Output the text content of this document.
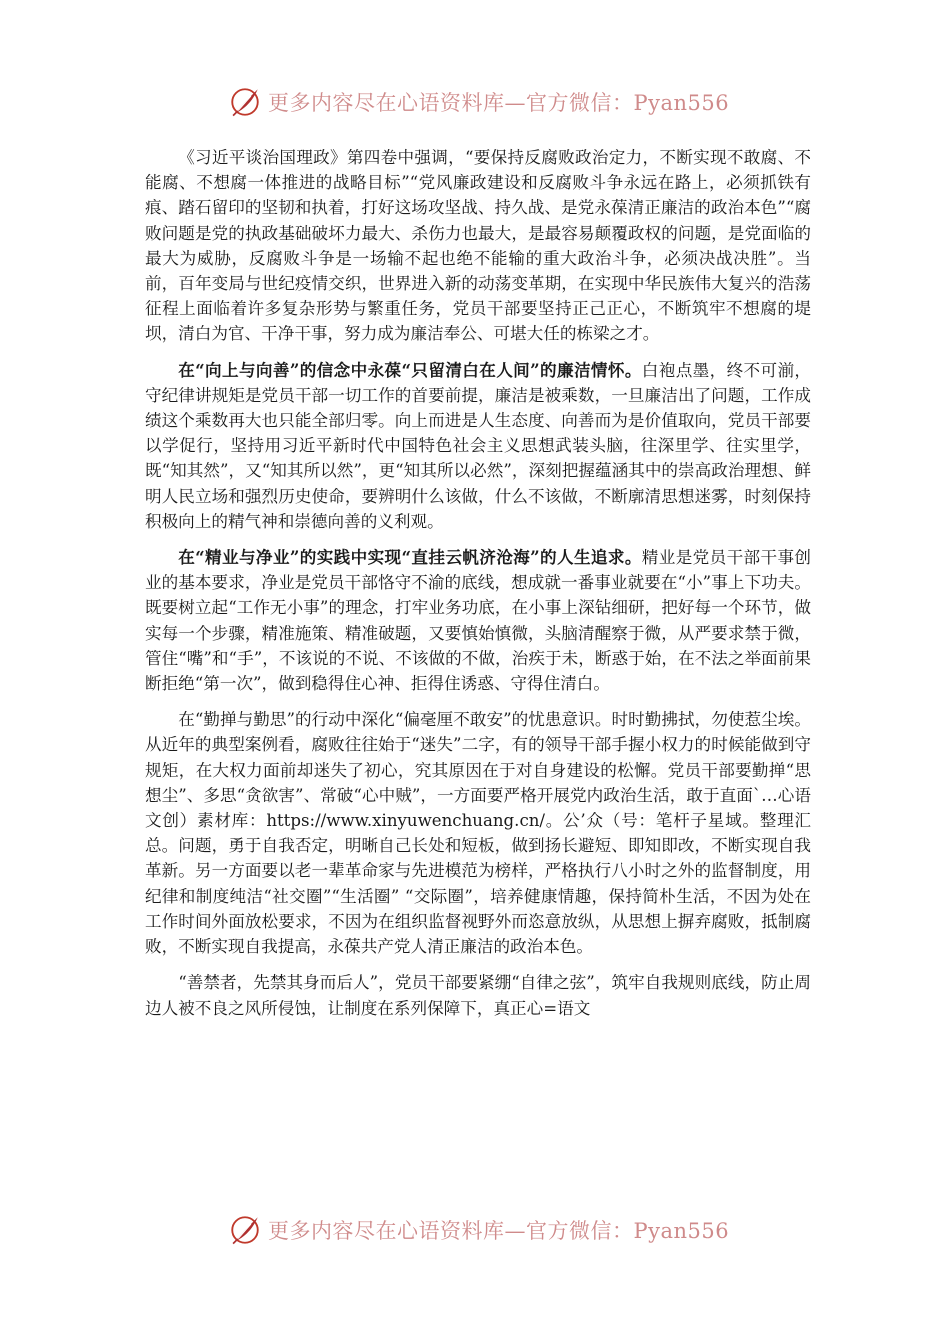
更多内容尽在心语资料库—官方微信：Pyan556

《习近平谈治国理政》第四卷中强调，“要保持反腐败政治定力，不断实现不敢腐、不能腐、不想腐一体推进的战略目标”“党风廉政建设和反腐败斗争永远在路上，必须抓铁有痕、踏石留印的坚韧和执着，打好这场攻坚战、持久战、是党永葆清正廉洁的政治本色”“腐败问题是党的执政基础破坏力最大、杀伤力也最大，是最容易颠覆政权的问题，是党面临的最大为威胁，反腐败斗争是一场输不起也绝不能输的重大政治斗争，必须决战决胜”。当前，百年变局与世纪疫情交织，世界进入新的动荡变革期，在实现中华民族伟大复兴的浩荡征程上面临着许多复杂形势与繁重任务，党员干部要坚持正己正心，不断筑牢不想腐的堤坝，清白为官、干净干事，努力成为廉洁奉公、可堪大任的栋梁之才。

在“向上与向善”的信念中永葆“只留清白在人间”的廉洁情怀。白袍点墨，终不可湔，守纪律讲规矩是党员干部一切工作的首要前提，廉洁是被乘数，一旦廉洁出了问题，工作成绩这个乘数再大也只能全部归零。向上而进是人生态度、向善而为是价值取向，党员干部要以学促行，坚持用习近平新时代中国特色社会主义思想武装头脑，往深里学、往实里学，既“知其然”，又“知其所以然”，更“知其所以必然”，深刻把握蕴涵其中的崇高政治理想、鲜明人民立场和强烈历史使命，要辨明什么该做，什么不该做，不断廓清思想迷雾，时刻保持积极向上的精气神和崇德向善的义利观。

在“精业与净业”的实践中实现“直挂云帆济沧海”的人生追求。精业是党员干部干事创业的基本要求，净业是党员干部恪守不渝的底线，想成就一番事业就要在“小”事上下功夫。既要树立起“工作无小事”的理念，打牢业务功底，在小事上深钻细研，把好每一个环节，做实每一个步骤，精准施策、精准破题，又要慎始慎微，头脑清醒察于微，从严要求禁于微，管住“嘴”和“手”，不该说的不说、不该做的不做，治疾于未，断惑于始，在不法之举面前果断拒绝“第一次”，做到稳得住心神、拒得住诱惑、守得住清白。

在“勤掸与勤思”的行动中深化“偏毫厘不敢安”的忧患意识。时时勤拂拭，勿使惹尘埃。从近年的典型案例看，腐败往往始于“迷失”二字，有的领导干部手握小权力的时候能做到守规矩，在大权力面前却迷失了初心，究其原因在于对自身建设的松懈。党员干部要勤掸“思想尘”、多思“贪欲害”、常破“心中贼”，一方面要严格开展党内政治生活，敢于直面`…心语文创）素材库：https://www.xinyuwenchuang.cn/。公’众（号：笔杆子星域。整理汇总。问题，勇于自我否定，明晰自己长处和短板，做到扬长避短、即知即改，不断实现自我革新。另一方面要以老一辈革命家与先进模范为榜样，严格执行八小时之外的监督制度，用纪律和制度纯洁“社交圈”“生活圈” “交际圈”，培养健康情趣，保持简朴生活，不因为处在工作时间外面放松要求，不因为在组织监督视野外而恣意放纵，从思想上摒弃腐败，抵制腐败，不断实现自我提高，永葆共产党人清正廉洁的政治本色。

“善禁者，先禁其身而后人”，党员干部要紧绷“自律之弦”，筑牢自我规则底线，防止周边人被不良之风所侵蚀，让制度在系列保障下，真正心=语文

更多内容尽在心语资料库—官方微信：Pyan556
